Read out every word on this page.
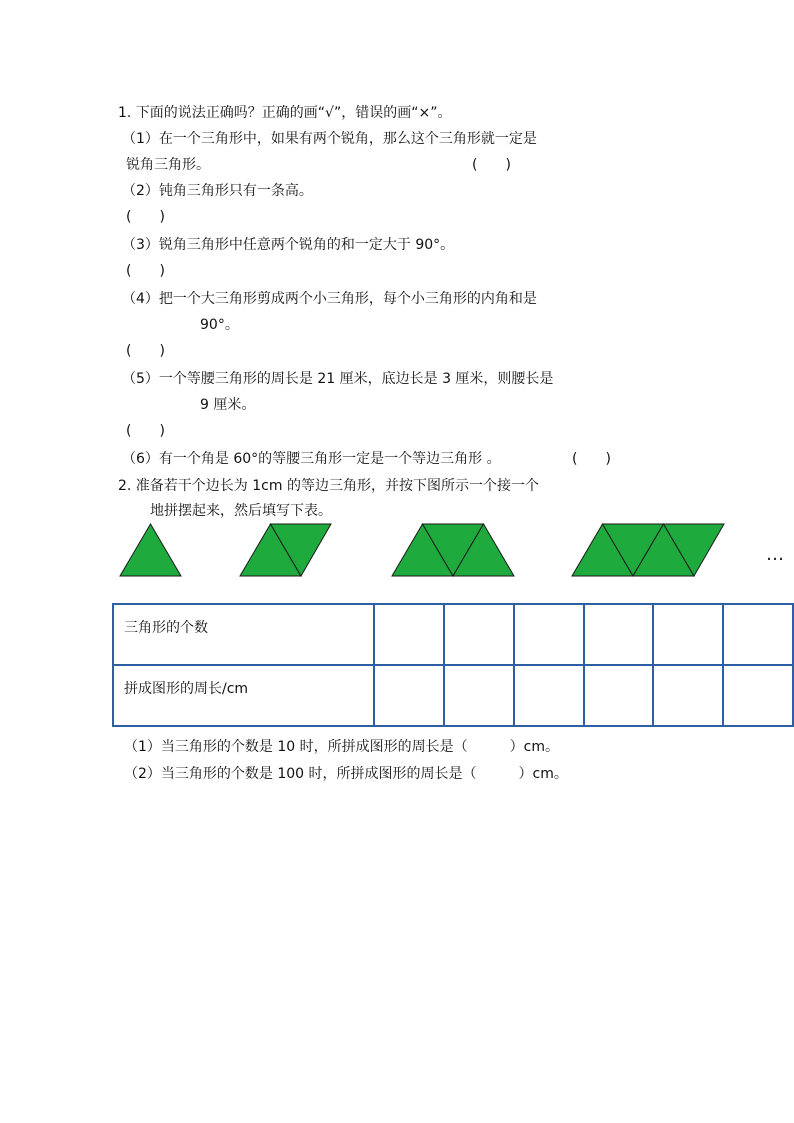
1. 下面的说法正确吗？正确的画“√”，错误的画“×”。
（1）在一个三角形中，如果有两个锐角，那么这个三角形就一定是
锐角三角形。	(　　)
（2）钝角三角形只有一条高。
(　　)
（3）锐角三角形中任意两个锐角的和一定大于 90°。
(　　)
（4）把一个大三角形剪成两个小三角形，每个小三角形的内角和是
90°。
(　　)
（5）一个等腰三角形的周长是 21 厘米，底边长是 3 厘米，则腰长是
9 厘米。
(　　)
（6）有一个角是 60°的等腰三角形一定是一个等边三角形 。	(　　)
2. 准备若干个边长为 1cm 的等边三角形，并按下图所示一个接一个
地拼摆起来，然后填写下表。
…
三角形的个数						
拼成图形的周长/cm						
（1）当三角形的个数是 10 时，所拼成图形的周长是（　　　）cm。
（2）当三角形的个数是 100 时，所拼成图形的周长是（　　　）cm。
